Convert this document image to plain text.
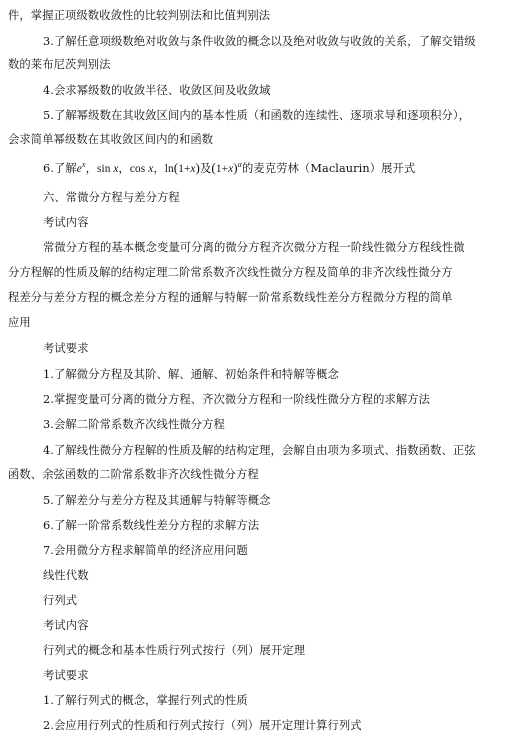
件，掌握正项级数收敛性的比较判别法和比值判别法
3.了解任意项级数绝对收敛与条件收敛的概念以及绝对收敛与收敛的关系，了解交错级
数的莱布尼茨判别法
4.会求幂级数的收敛半径、收敛区间及收敛域
5.了解幂级数在其收敛区间内的基本性质（和函数的连续性、逐项求导和逐项积分），
会求简单幂级数在其收敛区间内的和函数
6.了解$e^x$，sin x，cos x，ln(1+x)及$(1+x)^\alpha$的麦克劳林（Maclaurin）展开式
六、常微分方程与差分方程
考试内容
常微分方程的基本概念变量可分离的微分方程齐次微分方程一阶线性微分方程线性微
分方程解的性质及解的结构定理二阶常系数齐次线性微分方程及简单的非齐次线性微分方
程差分与差分方程的概念差分方程的通解与特解一阶常系数线性差分方程微分方程的简单
应用
考试要求
1.了解微分方程及其阶、解、通解、初始条件和特解等概念
2.掌握变量可分离的微分方程、齐次微分方程和一阶线性微分方程的求解方法
3.会解二阶常系数齐次线性微分方程
4.了解线性微分方程解的性质及解的结构定理，会解自由项为多项式、指数函数、正弦
函数、余弦函数的二阶常系数非齐次线性微分方程
5.了解差分与差分方程及其通解与特解等概念
6.了解一阶常系数线性差分方程的求解方法
7.会用微分方程求解简单的经济应用问题
线性代数
行列式
考试内容
行列式的概念和基本性质行列式按行（列）展开定理
考试要求
1.了解行列式的概念，掌握行列式的性质
2.会应用行列式的性质和行列式按行（列）展开定理计算行列式
